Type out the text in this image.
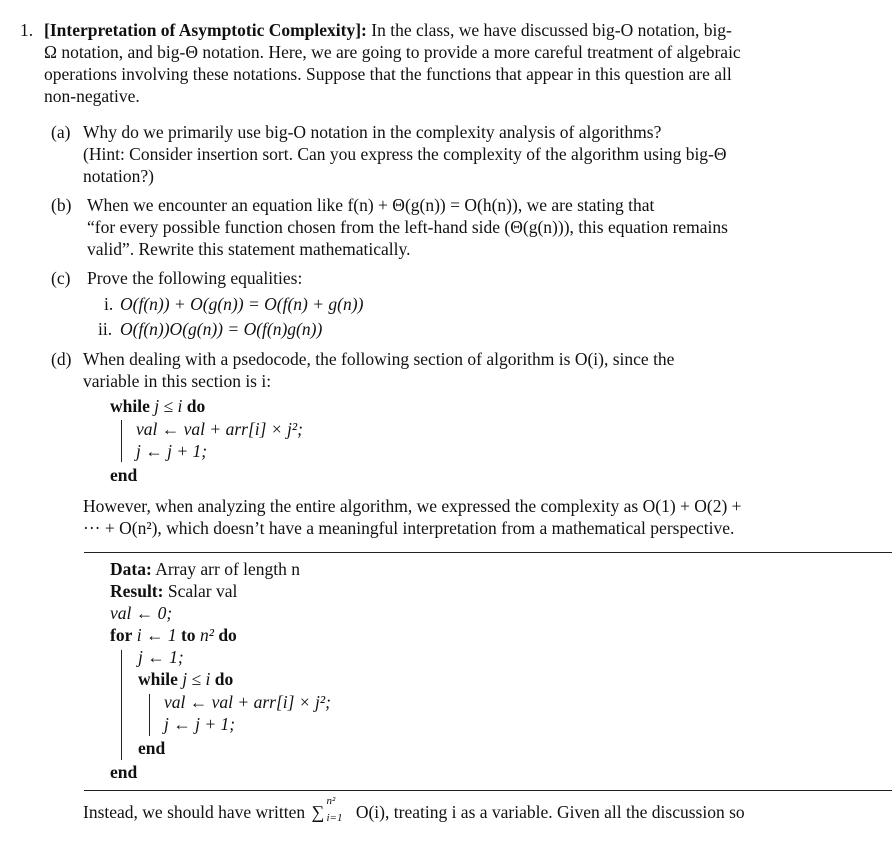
1. [Interpretation of Asymptotic Complexity]: In the class, we have discussed big-O notation, big-
Ω notation, and big-Θ notation. Here, we are going to provide a more careful treatment of algebraic
operations involving these notations. Suppose that the functions that appear in this question are all
non-negative.
(a) Why do we primarily use big-O notation in the complexity analysis of algorithms?
(Hint: Consider insertion sort. Can you express the complexity of the algorithm using big-Θ
notation?)
(b) When we encounter an equation like f(n) + Θ(g(n)) = O(h(n)), we are stating that
“for every possible function chosen from the left-hand side (Θ(g(n))), this equation remains
valid”. Rewrite this statement mathematically.
(c) Prove the following equalities:
i. O(f(n)) + O(g(n)) = O(f(n) + g(n))
ii. O(f(n))O(g(n)) = O(f(n)g(n))
(d) When dealing with a psedocode, the following section of algorithm is O(i), since the
variable in this section is i:
while j ≤ i do
val ← val + arr[i] × j²;
j ← j + 1;
end
However, when analyzing the entire algorithm, we expressed the complexity as O(1) + O(2) +
··· + O(n²), which doesn’t have a meaningful interpretation from a mathematical perspective.
Data: Array arr of length n
Result: Scalar val
val ← 0;
for i ← 1 to n² do
j ← 1;
while j ≤ i do
val ← val + arr[i] × j²;
j ← j + 1;
end
end
Instead, we should have written ∑
n²
i=1 O(i), treating i as a variable. Given all the discussion so
